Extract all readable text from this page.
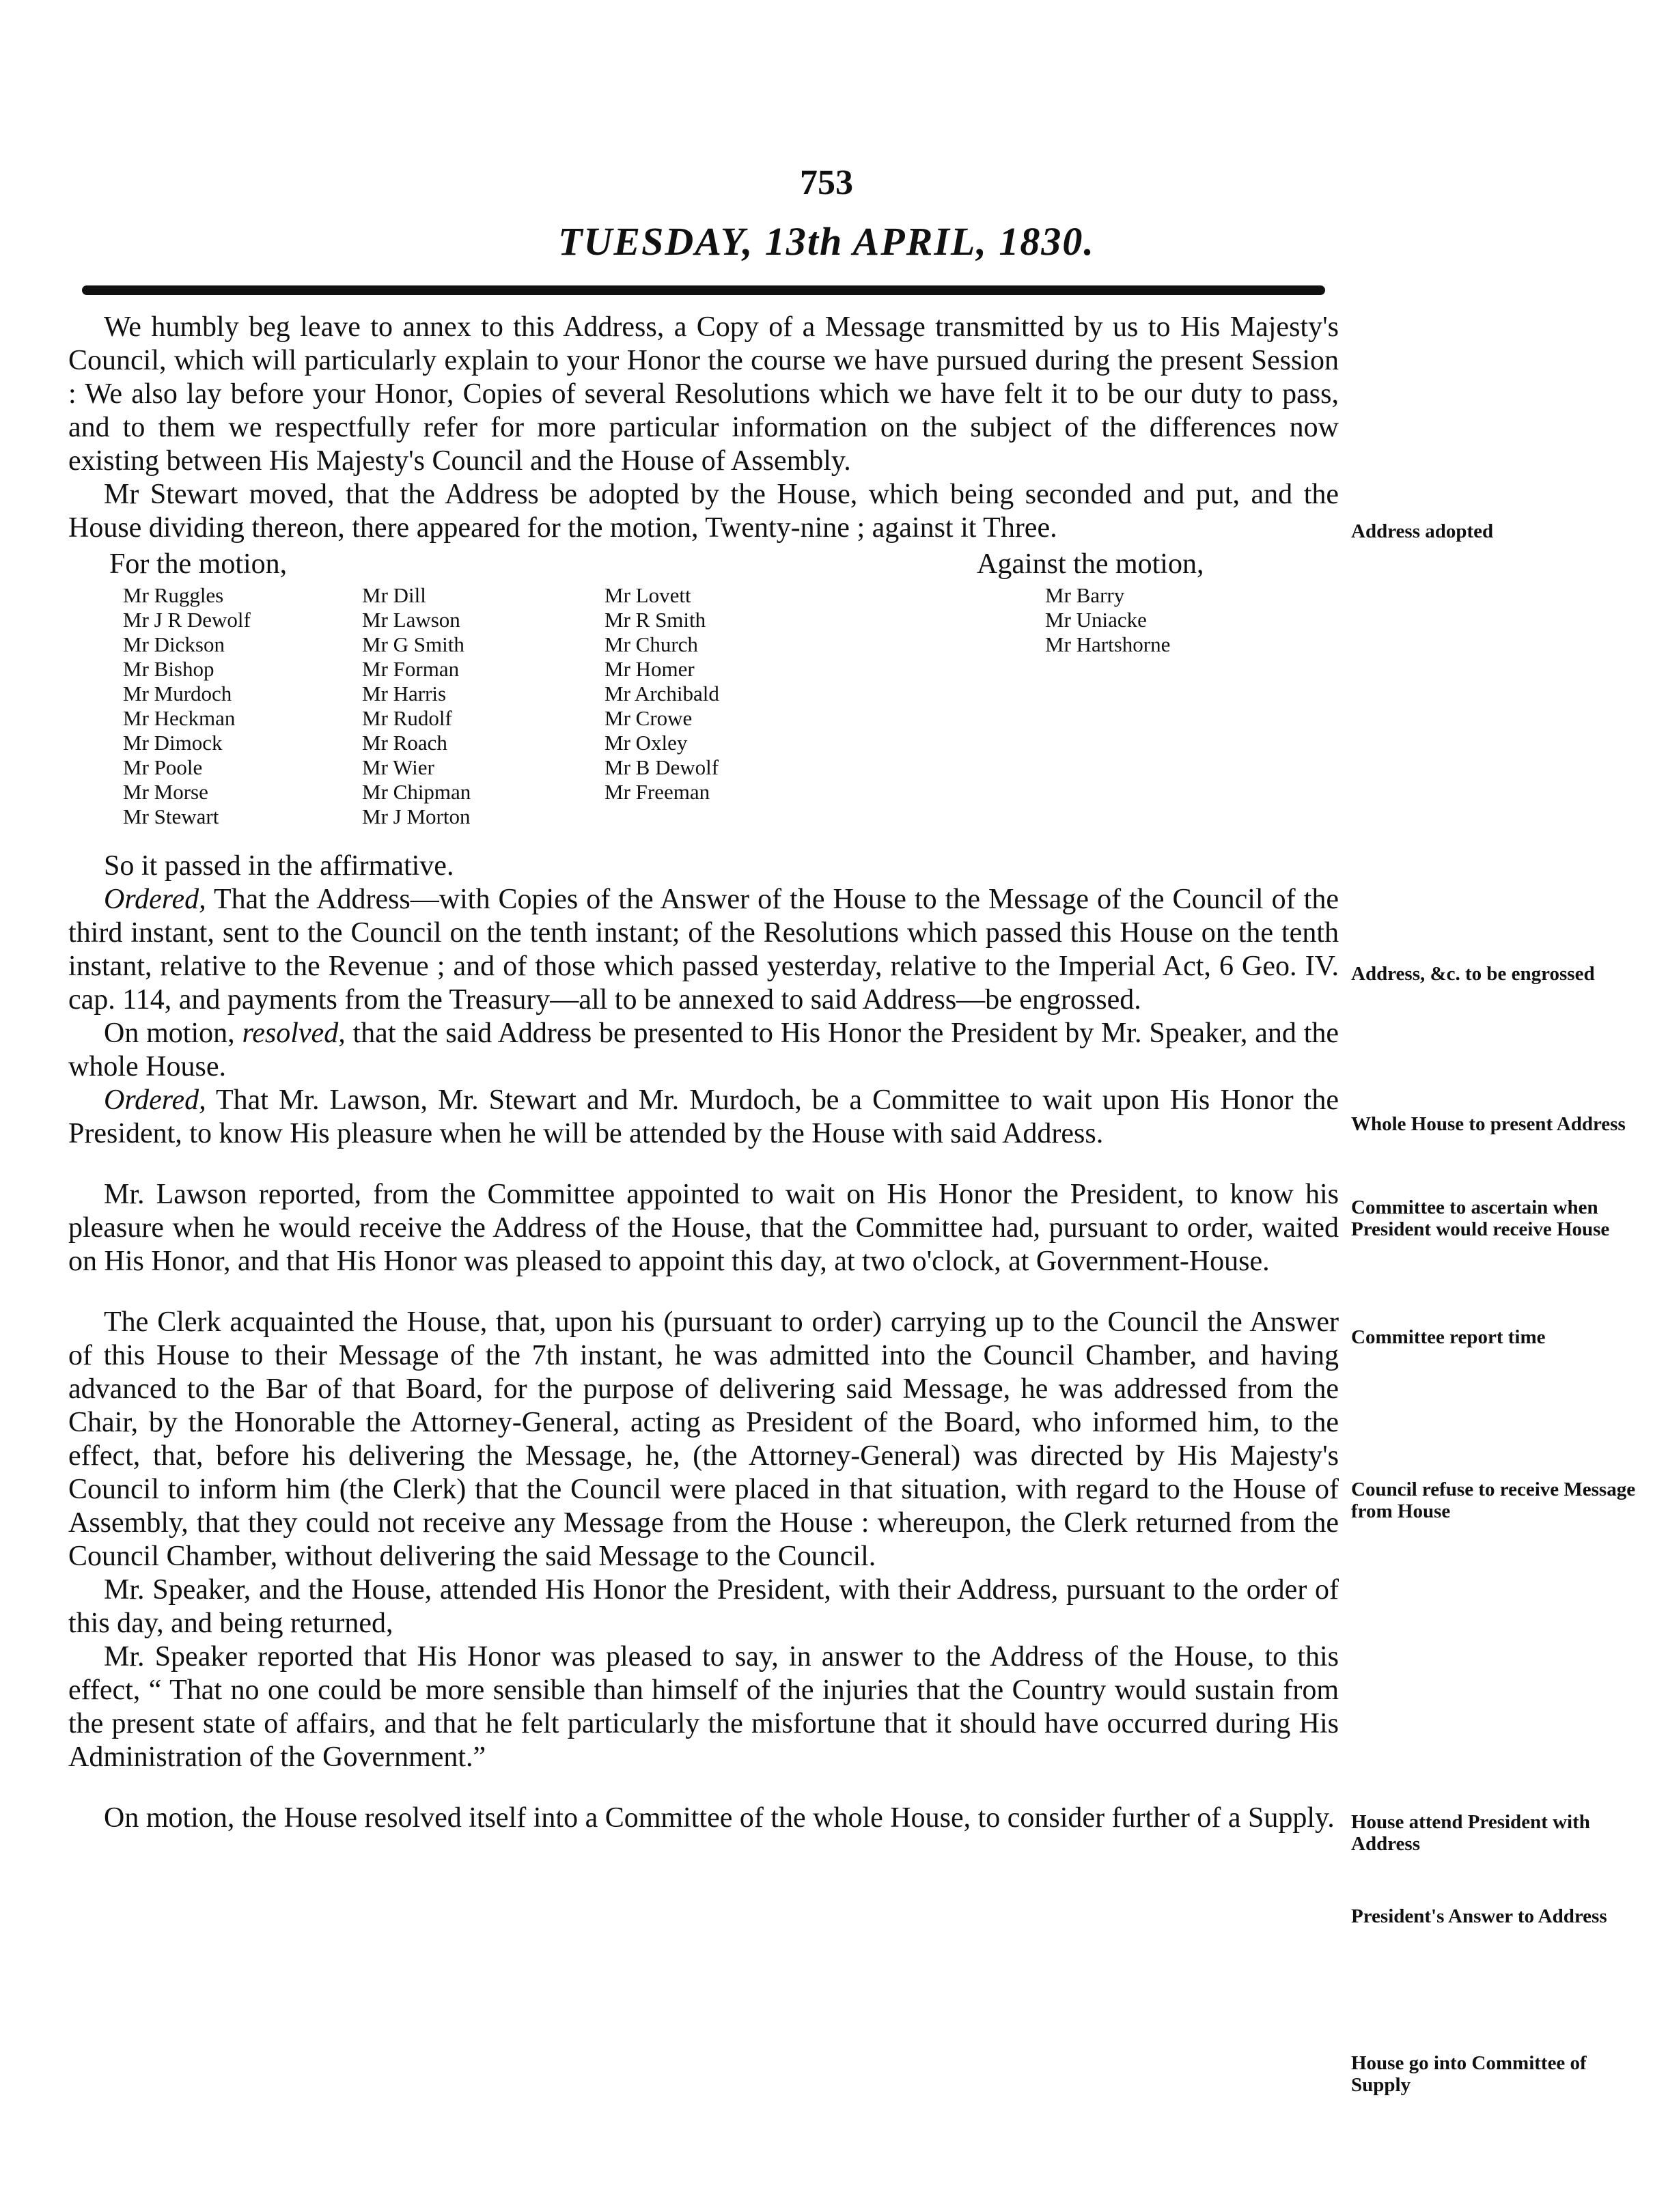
753
TUESDAY, 13th APRIL, 1830.

We humbly beg leave to annex to this Address, a Copy of a Message transmitted by us to His Majesty's Council, which will particularly explain to your Honor the course we have pursued during the present Session : We also lay before your Honor, Copies of several Resolutions which we have felt it to be our duty to pass, and to them we respectfully refer for more particular information on the subject of the differences now existing between His Majesty's Council and the House of Assembly.

Mr Stewart moved, that the Address be adopted by the House, which being seconded and put, and the House dividing thereon, there appeared for the motion, Twenty-nine ; against it Three.

For the motion,	Against the motion,
Mr Ruggles
Mr J R Dewolf
Mr Dickson
Mr Bishop
Mr Murdoch
Mr Heckman
Mr Dimock
Mr Poole
Mr Morse
Mr Stewart
Mr Dill
Mr Lawson
Mr G Smith
Mr Forman
Mr Harris
Mr Rudolf
Mr Roach
Mr Wier
Mr Chipman
Mr J Morton
Mr Lovett
Mr R Smith
Mr Church
Mr Homer
Mr Archibald
Mr Crowe
Mr Oxley
Mr B Dewolf
Mr Freeman
Mr Barry
Mr Uniacke
Mr Hartshorne

So it passed in the affirmative.

Ordered, That the Address—with Copies of the Answer of the House to the Message of the Council of the third instant, sent to the Council on the tenth instant; of the Resolutions which passed this House on the tenth instant, relative to the Revenue ; and of those which passed yesterday, relative to the Imperial Act, 6 Geo. IV. cap. 114, and payments from the Treasury—all to be annexed to said Address—be engrossed.

On motion, resolved, that the said Address be presented to His Honor the President by Mr. Speaker, and the whole House.

Ordered, That Mr. Lawson, Mr. Stewart and Mr. Murdoch, be a Committee to wait upon His Honor the President, to know His pleasure when he will be attended by the House with said Address.

Mr. Lawson reported, from the Committee appointed to wait on His Honor the President, to know his pleasure when he would receive the Address of the House, that the Committee had, pursuant to order, waited on His Honor, and that His Honor was pleased to appoint this day, at two o'clock, at Government-House.

The Clerk acquainted the House, that, upon his (pursuant to order) carrying up to the Council the Answer of this House to their Message of the 7th instant, he was admitted into the Council Chamber, and having advanced to the Bar of that Board, for the purpose of delivering said Message, he was addressed from the Chair, by the Honorable the Attorney-General, acting as President of the Board, who informed him, to the effect, that, before his delivering the Message, he, (the Attorney-General) was directed by His Majesty's Council to inform him (the Clerk) that the Council were placed in that situation, with regard to the House of Assembly, that they could not receive any Message from the House : whereupon, the Clerk returned from the Council Chamber, without delivering the said Message to the Council.

Mr. Speaker, and the House, attended His Honor the President, with their Address, pursuant to the order of this day, and being returned,

Mr. Speaker reported that His Honor was pleased to say, in answer to the Address of the House, to this effect, “ That no one could be more sensible than himself of the injuries that the Country would sustain from the present state of affairs, and that he felt particularly the misfortune that it should have occurred during His Administration of the Government.”

On motion, the House resolved itself into a Committee of the whole House, to consider further of a Supply.

Address adopted
Address, &c. to be engrossed
Whole House to present Address
Committee to ascertain when President would receive House
Committee report time
Council refuse to receive Message from House
House attend President with Address
President's Answer to Address
House go into Committee of Supply
